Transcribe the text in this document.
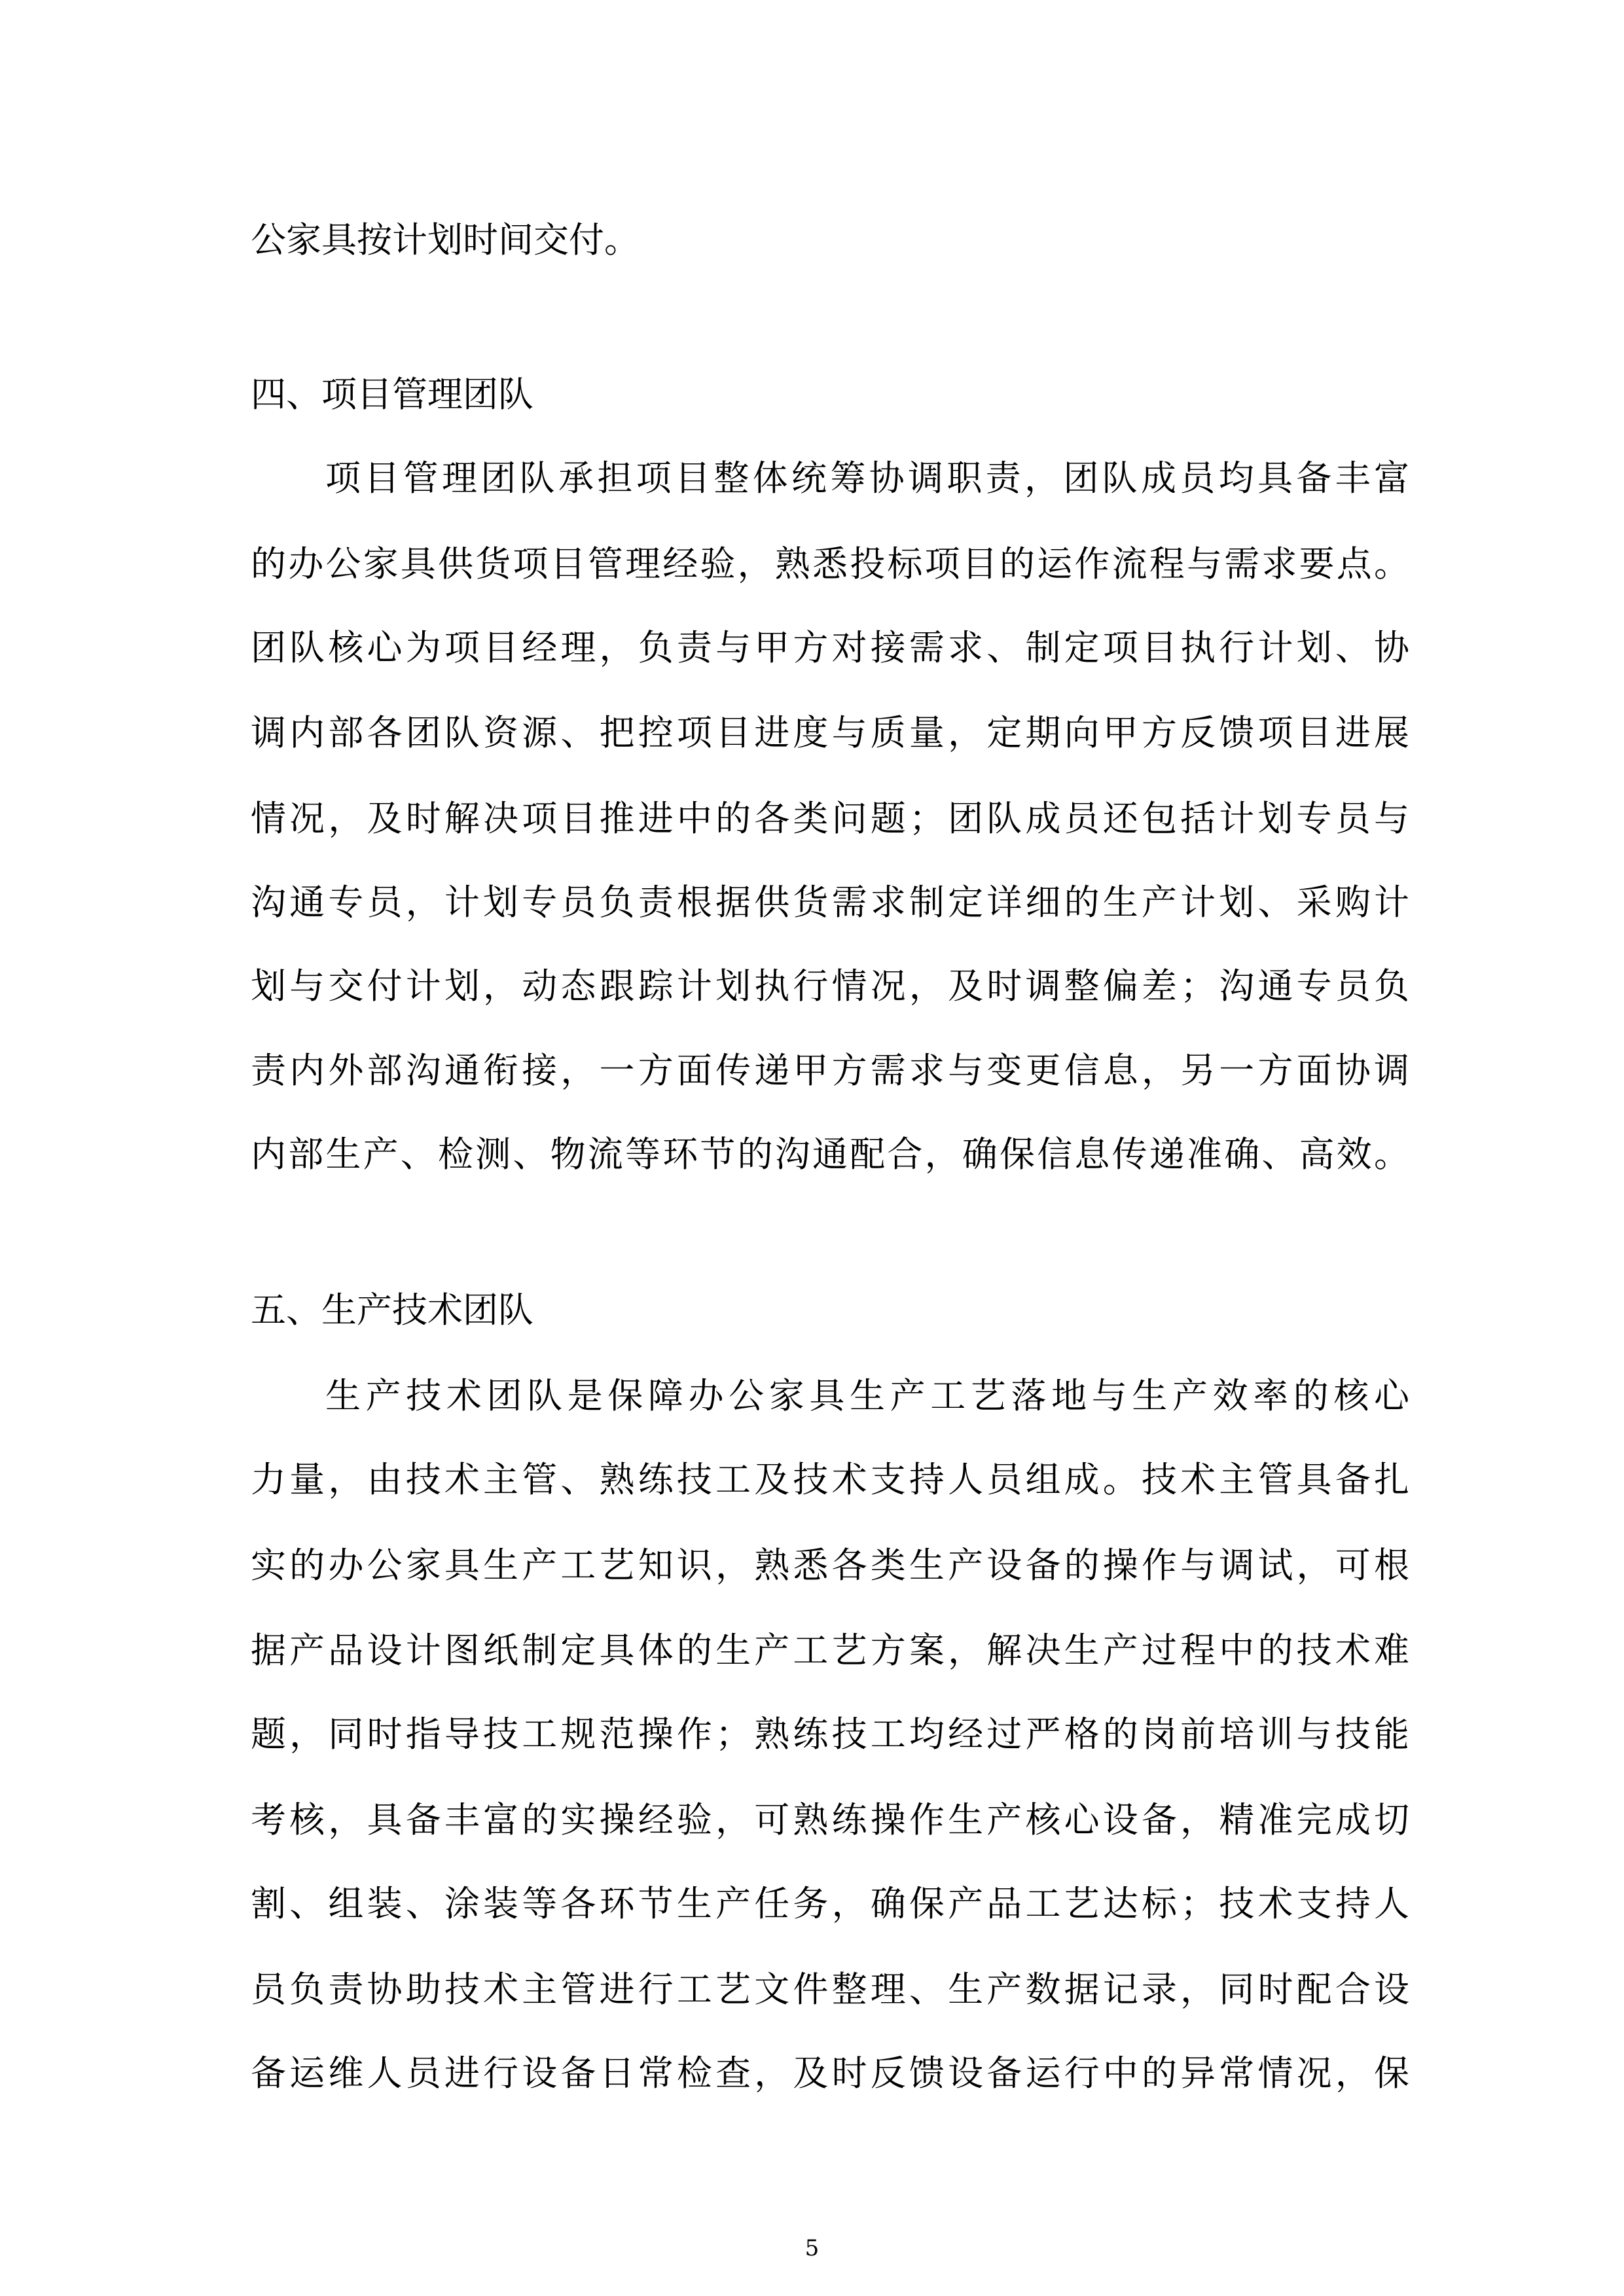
公家具按计划时间交付。
四、项目管理团队
项目管理团队承担项目整体统筹协调职责，团队成员均具备丰富
的办公家具供货项目管理经验，熟悉投标项目的运作流程与需求要点。
团队核心为项目经理，负责与甲方对接需求、制定项目执行计划、协
调内部各团队资源、把控项目进度与质量，定期向甲方反馈项目进展
情况，及时解决项目推进中的各类问题；团队成员还包括计划专员与
沟通专员，计划专员负责根据供货需求制定详细的生产计划、采购计
划与交付计划，动态跟踪计划执行情况，及时调整偏差；沟通专员负
责内外部沟通衔接，一方面传递甲方需求与变更信息，另一方面协调
内部生产、检测、物流等环节的沟通配合，确保信息传递准确、高效。
五、生产技术团队
生产技术团队是保障办公家具生产工艺落地与生产效率的核心
力量，由技术主管、熟练技工及技术支持人员组成。技术主管具备扎
实的办公家具生产工艺知识，熟悉各类生产设备的操作与调试，可根
据产品设计图纸制定具体的生产工艺方案，解决生产过程中的技术难
题，同时指导技工规范操作；熟练技工均经过严格的岗前培训与技能
考核，具备丰富的实操经验，可熟练操作生产核心设备，精准完成切
割、组装、涂装等各环节生产任务，确保产品工艺达标；技术支持人
员负责协助技术主管进行工艺文件整理、生产数据记录，同时配合设
备运维人员进行设备日常检查，及时反馈设备运行中的异常情况，保
5
